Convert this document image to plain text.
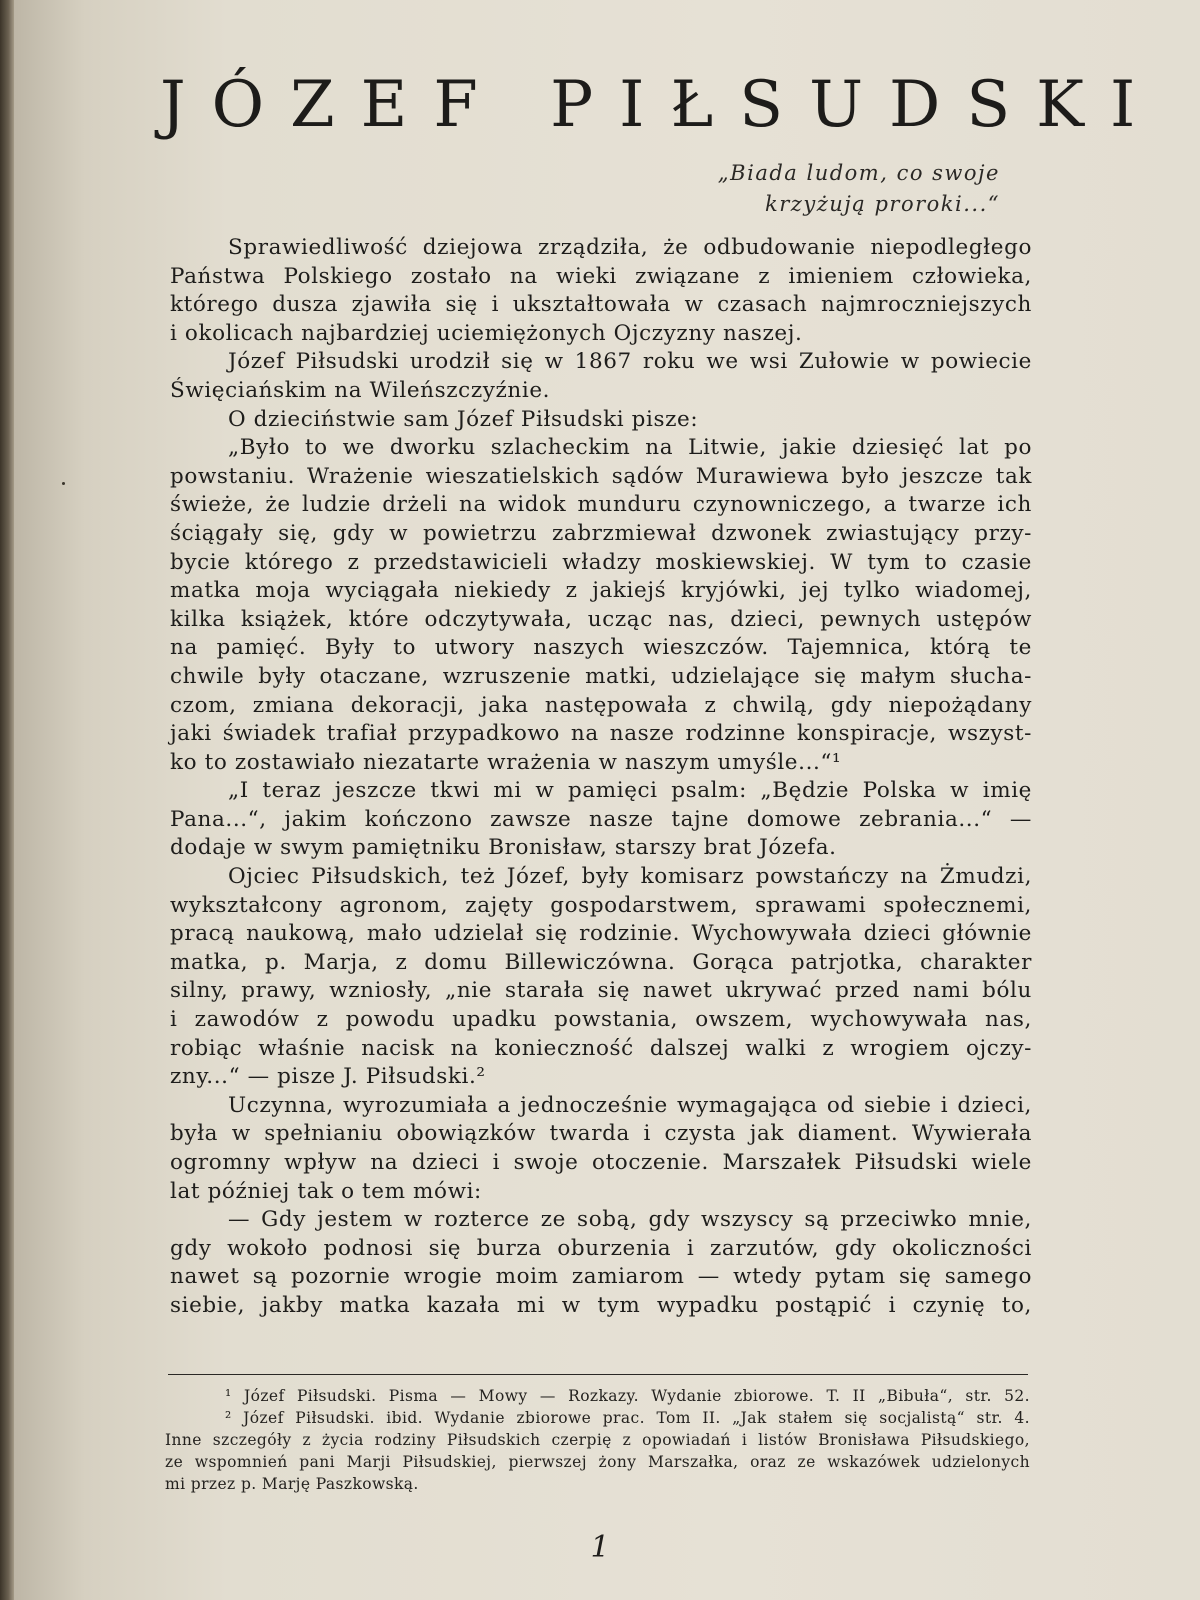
JÓZEF PIŁSUDSKI
„Biada ludom, co swoje
krzyżują proroki...“
Sprawiedliwość dziejowa zrządziła, że odbudowanie niepodległego
Państwa Polskiego zostało na wieki związane z imieniem człowieka,
którego dusza zjawiła się i ukształtowała w czasach najmroczniejszych
i okolicach najbardziej uciemiężonych Ojczyzny naszej.
Józef Piłsudski urodził się w 1867 roku we wsi Zułowie w powiecie
Święciańskim na Wileńszczyźnie.
O dzieciństwie sam Józef Piłsudski pisze:
„Było to we dworku szlacheckim na Litwie, jakie dziesięć lat po
powstaniu. Wrażenie wieszatielskich sądów Murawiewa było jeszcze tak
świeże, że ludzie drżeli na widok munduru czynowniczego, a twarze ich
ściągały się, gdy w powietrzu zabrzmiewał dzwonek zwiastujący przy-
bycie którego z przedstawicieli władzy moskiewskiej. W tym to czasie
matka moja wyciągała niekiedy z jakiejś kryjówki, jej tylko wiadomej,
kilka książek, które odczytywała, ucząc nas, dzieci, pewnych ustępów
na pamięć. Były to utwory naszych wieszczów. Tajemnica, którą te
chwile były otaczane, wzruszenie matki, udzielające się małym słucha-
czom, zmiana dekoracji, jaka następowała z chwilą, gdy niepożądany
jaki świadek trafiał przypadkowo na nasze rodzinne konspiracje, wszyst-
ko to zostawiało niezatarte wrażenia w naszym umyśle...“¹
„I teraz jeszcze tkwi mi w pamięci psalm: „Będzie Polska w imię
Pana...“, jakim kończono zawsze nasze tajne domowe zebrania...“ —
dodaje w swym pamiętniku Bronisław, starszy brat Józefa.
Ojciec Piłsudskich, też Józef, były komisarz powstańczy na Żmudzi,
wykształcony agronom, zajęty gospodarstwem, sprawami społecznemi,
pracą naukową, mało udzielał się rodzinie. Wychowywała dzieci głównie
matka, p. Marja, z domu Billewiczówna. Gorąca patrjotka, charakter
silny, prawy, wzniosły, „nie starała się nawet ukrywać przed nami bólu
i zawodów z powodu upadku powstania, owszem, wychowywała nas,
robiąc właśnie nacisk na konieczność dalszej walki z wrogiem ojczy-
zny...“ — pisze J. Piłsudski.²
Uczynna, wyrozumiała a jednocześnie wymagająca od siebie i dzieci,
była w spełnianiu obowiązków twarda i czysta jak diament. Wywierała
ogromny wpływ na dzieci i swoje otoczenie. Marszałek Piłsudski wiele
lat później tak o tem mówi:
— Gdy jestem w rozterce ze sobą, gdy wszyscy są przeciwko mnie,
gdy wokoło podnosi się burza oburzenia i zarzutów, gdy okoliczności
nawet są pozornie wrogie moim zamiarom — wtedy pytam się samego
siebie, jakby matka kazała mi w tym wypadku postąpić i czynię to,
¹ Józef Piłsudski. Pisma — Mowy — Rozkazy. Wydanie zbiorowe. T. II „Bibuła“, str. 52.
² Józef Piłsudski. ibid. Wydanie zbiorowe prac. Tom II. „Jak stałem się socjalistą“ str. 4.
Inne szczegóły z życia rodziny Piłsudskich czerpię z opowiadań i listów Bronisława Piłsudskiego,
ze wspomnień pani Marji Piłsudskiej, pierwszej żony Marszałka, oraz ze wskazówek udzielonych
mi przez p. Marję Paszkowską.
1
